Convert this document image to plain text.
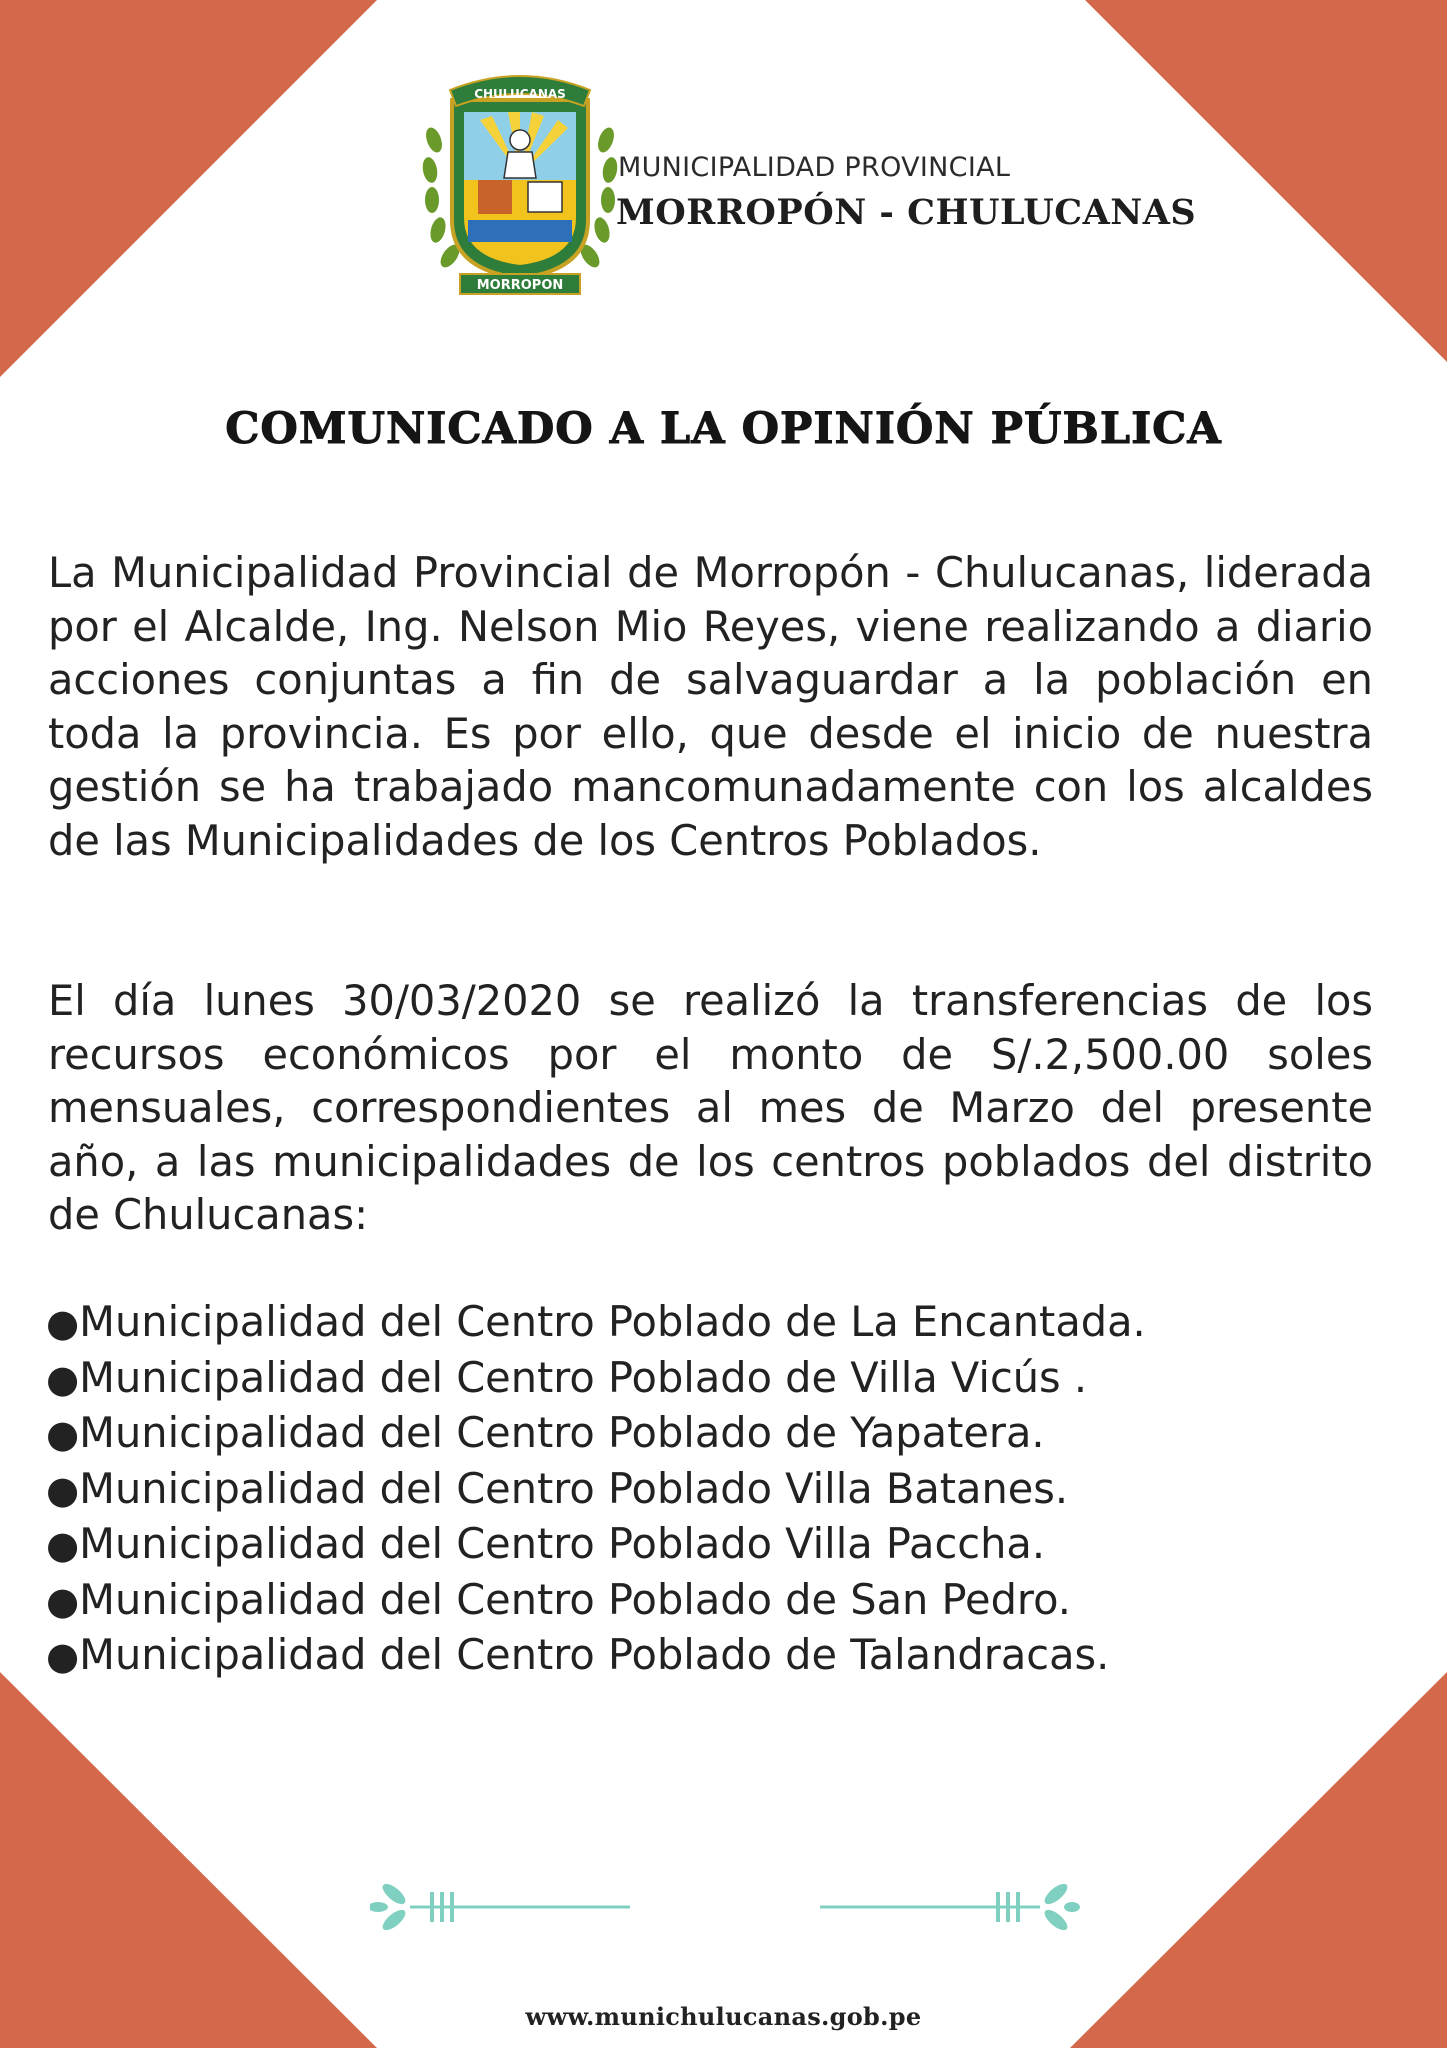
CHULUCANAS
MORROPON
MUNICIPALIDAD PROVINCIAL
MORROPÓN - CHULUCANAS
COMUNICADO A LA OPINIÓN PÚBLICA
La Municipalidad Provincial de Morropón - Chulucanas, liderada por el Alcalde, Ing. Nelson Mio Reyes, viene realizando a diario acciones conjuntas a fin de salvaguardar a la población en toda la provincia. Es por ello, que desde el inicio de nuestra gestión se ha trabajado mancomunadamente con los alcaldes de las Municipalidades de los Centros Poblados.
El día lunes 30/03/2020 se realizó la transferencias de los recursos económicos por el monto de S/.2,500.00 soles mensuales, correspondientes al mes de Marzo del presente año, a las municipalidades de los centros poblados del distrito de Chulucanas:
●Municipalidad del Centro Poblado de La Encantada.
●Municipalidad del Centro Poblado de Villa Vicús .
●Municipalidad del Centro Poblado de Yapatera.
●Municipalidad del Centro Poblado Villa Batanes.
●Municipalidad del Centro Poblado Villa Paccha.
●Municipalidad del Centro Poblado de San Pedro.
●Municipalidad del Centro Poblado de Talandracas.
www.munichulucanas.gob.pe
